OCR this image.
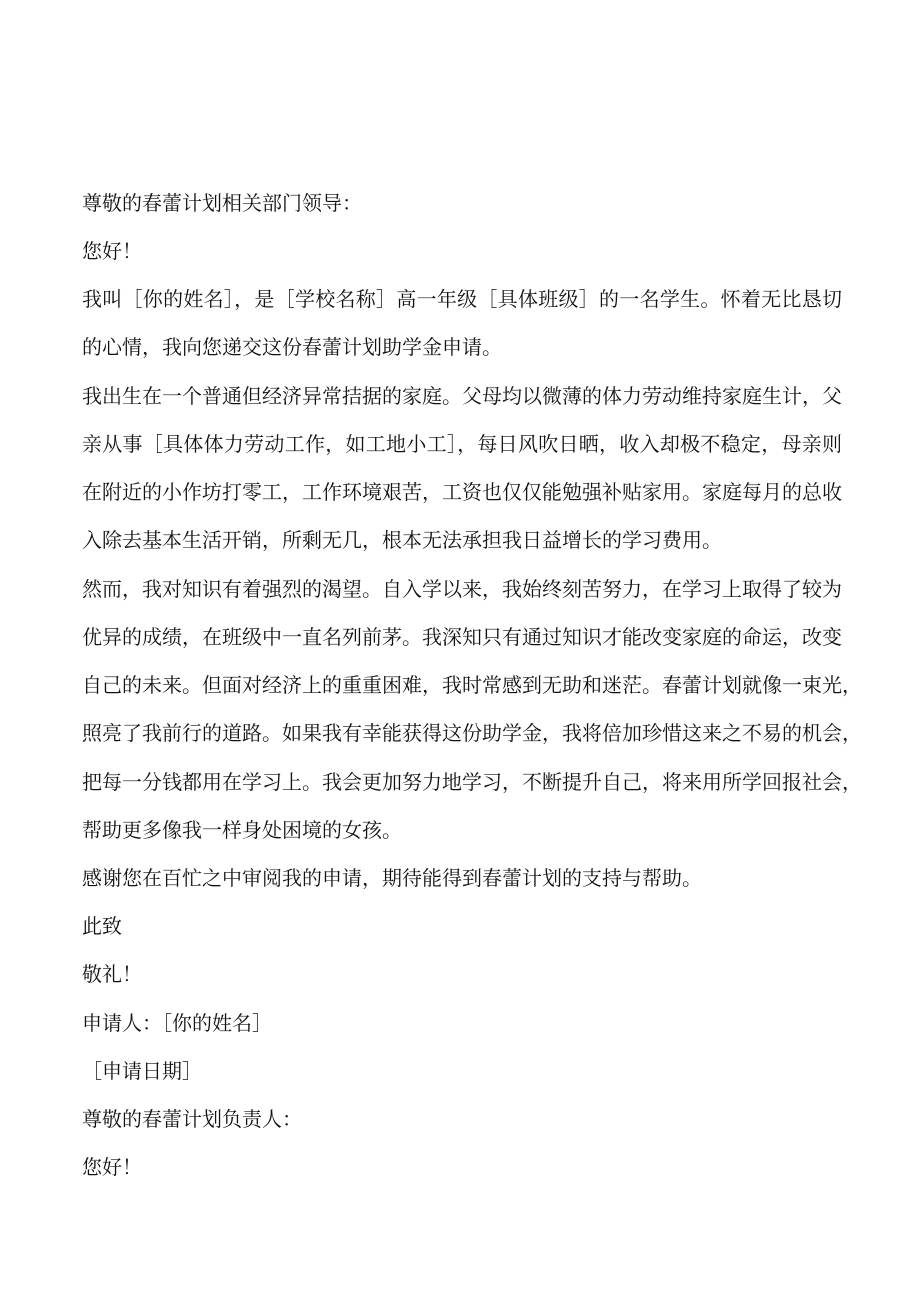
尊敬的春蕾计划相关部门领导：
您好！
我叫［你的姓名］，是［学校名称］高一年级［具体班级］的一名学生。怀着无比恳切
的心情，我向您递交这份春蕾计划助学金申请。
我出生在一个普通但经济异常拮据的家庭。父母均以微薄的体力劳动维持家庭生计，父
亲从事［具体体力劳动工作，如工地小工］，每日风吹日晒，收入却极不稳定，母亲则
在附近的小作坊打零工，工作环境艰苦，工资也仅仅能勉强补贴家用。家庭每月的总收
入除去基本生活开销，所剩无几，根本无法承担我日益增长的学习费用。
然而，我对知识有着强烈的渴望。自入学以来，我始终刻苦努力，在学习上取得了较为
优异的成绩，在班级中一直名列前茅。我深知只有通过知识才能改变家庭的命运，改变
自己的未来。但面对经济上的重重困难，我时常感到无助和迷茫。春蕾计划就像一束光，
照亮了我前行的道路。如果我有幸能获得这份助学金，我将倍加珍惜这来之不易的机会，
把每一分钱都用在学习上。我会更加努力地学习，不断提升自己，将来用所学回报社会，
帮助更多像我一样身处困境的女孩。
感谢您在百忙之中审阅我的申请，期待能得到春蕾计划的支持与帮助。
此致
敬礼！
申请人：［你的姓名］
［申请日期］
尊敬的春蕾计划负责人：
您好！
